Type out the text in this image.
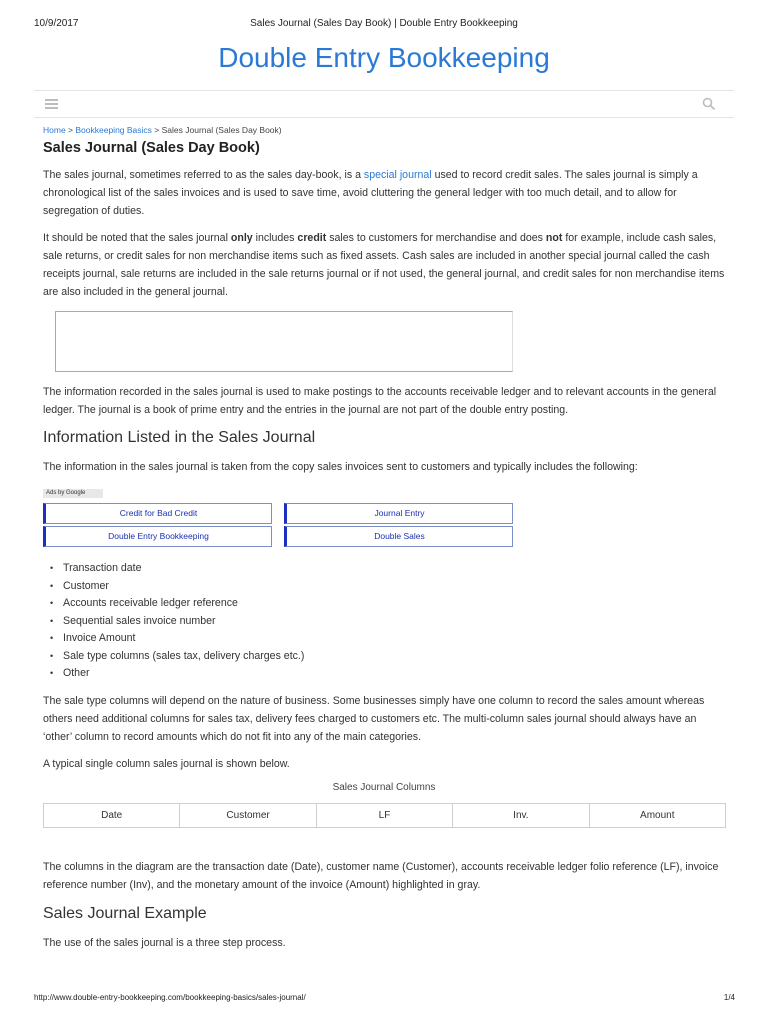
10/9/2017	Sales Journal (Sales Day Book) | Double Entry Bookkeeping
Double Entry Bookkeeping
Home > Bookkeeping Basics > Sales Journal (Sales Day Book)
Sales Journal (Sales Day Book)

The sales journal, sometimes referred to as the sales day-book, is a special journal used to record credit sales. The sales journal is simply a chronological list of the sales invoices and is used to save time, avoid cluttering the general ledger with too much detail, and to allow for segregation of duties.

It should be noted that the sales journal only includes credit sales to customers for merchandise and does not for example, include cash sales, sale returns, or credit sales for non merchandise items such as fixed assets. Cash sales are included in another special journal called the cash receipts journal, sale returns are included in the sale returns journal or if not used, the general journal, and credit sales for non merchandise items are also included in the general journal.

The information recorded in the sales journal is used to make postings to the accounts receivable ledger and to relevant accounts in the general ledger. The journal is a book of prime entry and the entries in the journal are not part of the double entry posting.

Information Listed in the Sales Journal

The information in the sales journal is taken from the copy sales invoices sent to customers and typically includes the following:

Ads by Google
Credit for Bad Credit	Journal Entry
Double Entry Bookkeeping	Double Sales
• Transaction date
• Customer
• Accounts receivable ledger reference
• Sequential sales invoice number
• Invoice Amount
• Sale type columns (sales tax, delivery charges etc.)
• Other

The sale type columns will depend on the nature of business. Some businesses simply have one column to record the sales amount whereas others need additional columns for sales tax, delivery fees charged to customers etc. The multi-column sales journal should always have an ‘other’ column to record amounts which do not fit into any of the main categories.

A typical single column sales journal is shown below.

Sales Journal Columns
Date	Customer	LF	Inv.	Amount

The columns in the diagram are the transaction date (Date), customer name (Customer), accounts receivable ledger folio reference (LF), invoice reference number (Inv), and the monetary amount of the invoice (Amount) highlighted in gray.

Sales Journal Example

The use of the sales journal is a three step process.

http://www.double-entry-bookkeeping.com/bookkeeping-basics/sales-journal/	1/4
